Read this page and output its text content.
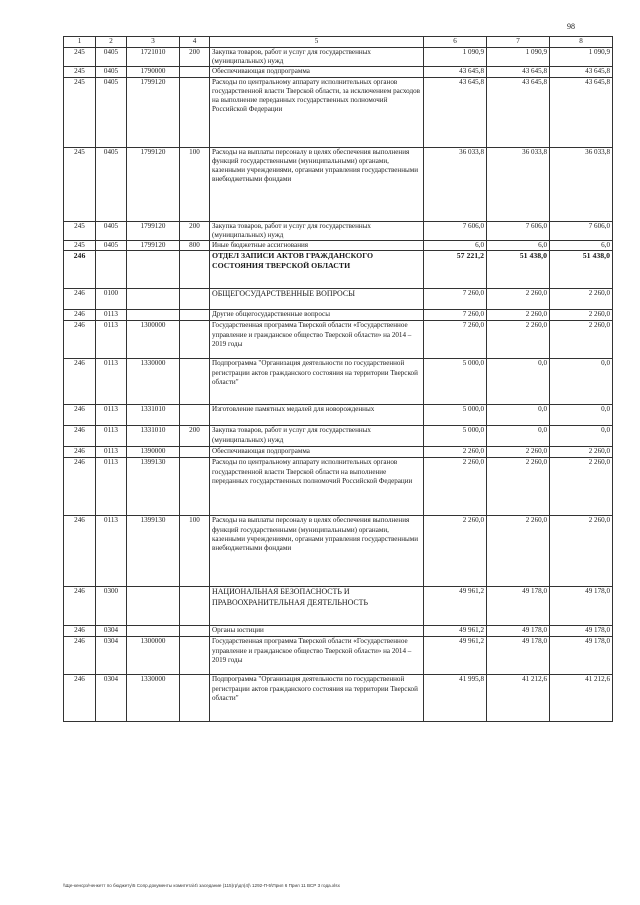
98
1	2	3	4	5	6	7	8
245	0405	1721010	200	Закупка товаров, работ и услуг для государственных (муниципальных) нужд	1 090,9	1 090,9	1 090,9
245	0405	1790000		Обеспечивающая подпрограмма	43 645,8	43 645,8	43 645,8
245	0405	1799120		Расходы по центральному аппарату исполнительных органов государственной власти Тверской области, за исключением расходов на выполнение переданных государственных полномочий Российской Федерации	43 645,8	43 645,8	43 645,8
245	0405	1799120	100	Расходы на выплаты персоналу в целях обеспечения выполнения функций государственными (муниципальными) органами, казенными учреждениями, органами управления государственными внебюджетными фондами	36 033,8	36 033,8	36 033,8
245	0405	1799120	200	Закупка товаров, работ и услуг для государственных (муниципальных) нужд	7 606,0	7 606,0	7 606,0
245	0405	1799120	800	Иные бюджетные ассигнования	6,0	6,0	6,0
246				ОТДЕЛ ЗАПИСИ АКТОВ ГРАЖДАНСКОГО СОСТОЯНИЯ ТВЕРСКОЙ ОБЛАСТИ	57 221,2	51 438,0	51 438,0
246	0100			ОБЩЕГОСУДАРСТВЕННЫЕ ВОПРОСЫ	7 260,0	2 260,0	2 260,0
246	0113			Другие общегосударственные вопросы	7 260,0	2 260,0	2 260,0
246	0113	1300000		Государственная программа Тверской области «Государственное управление и гражданское общество Тверской области» на 2014 – 2019 годы	7 260,0	2 260,0	2 260,0
246	0113	1330000		Подпрограмма "Организация деятельности по государственной регистрации актов гражданского состояния на территории Тверской области"	5 000,0	0,0	0,0
246	0113	1331010		Изготовление памятных медалей для новорожденных	5 000,0	0,0	0,0
246	0113	1331010	200	Закупка товаров, работ и услуг для государственных (муниципальных) нужд	5 000,0	0,0	0,0
246	0113	1390000		Обеспечивающая подпрограмма	2 260,0	2 260,0	2 260,0
246	0113	1399130		Расходы по центральному аппарату исполнительных органов государственной власти Тверской области на выполнение переданных государственных полномочий Российской Федерации	2 260,0	2 260,0	2 260,0
246	0113	1399130	100	Расходы на выплаты персоналу в целях обеспечения выполнения функций государственными (муниципальными) органами, казенными учреждениями, органами управления государственными внебюджетными фондами	2 260,0	2 260,0	2 260,0
246	0300			НАЦИОНАЛЬНАЯ БЕЗОПАСНОСТЬ И ПРАВООХРАНИТЕЛЬНАЯ ДЕЯТЕЛЬНОСТЬ	49 961,2	49 178,0	49 178,0
246	0304			Органы юстиции	49 961,2	49 178,0	49 178,0
246	0304	1300000		Государственная программа Тверской области «Государственное управление и гражданское общество Тверской области» на 2014 – 2019 годы	49 961,2	49 178,0	49 178,0
246	0304	1330000		Подпрограмма "Организация деятельности по государственной регистрации актов гражданского состояния на территории Тверской области"	41 995,8	41 212,6	41 212,6
\\Ще-кенсрз\ченкетт по бюджету\5 Сопр.документы комитета\4\ заседание (115)гр\дп(4)\ 1292-П-5\Прил 6 Прил 11 ВСР 3 года.xlsx
